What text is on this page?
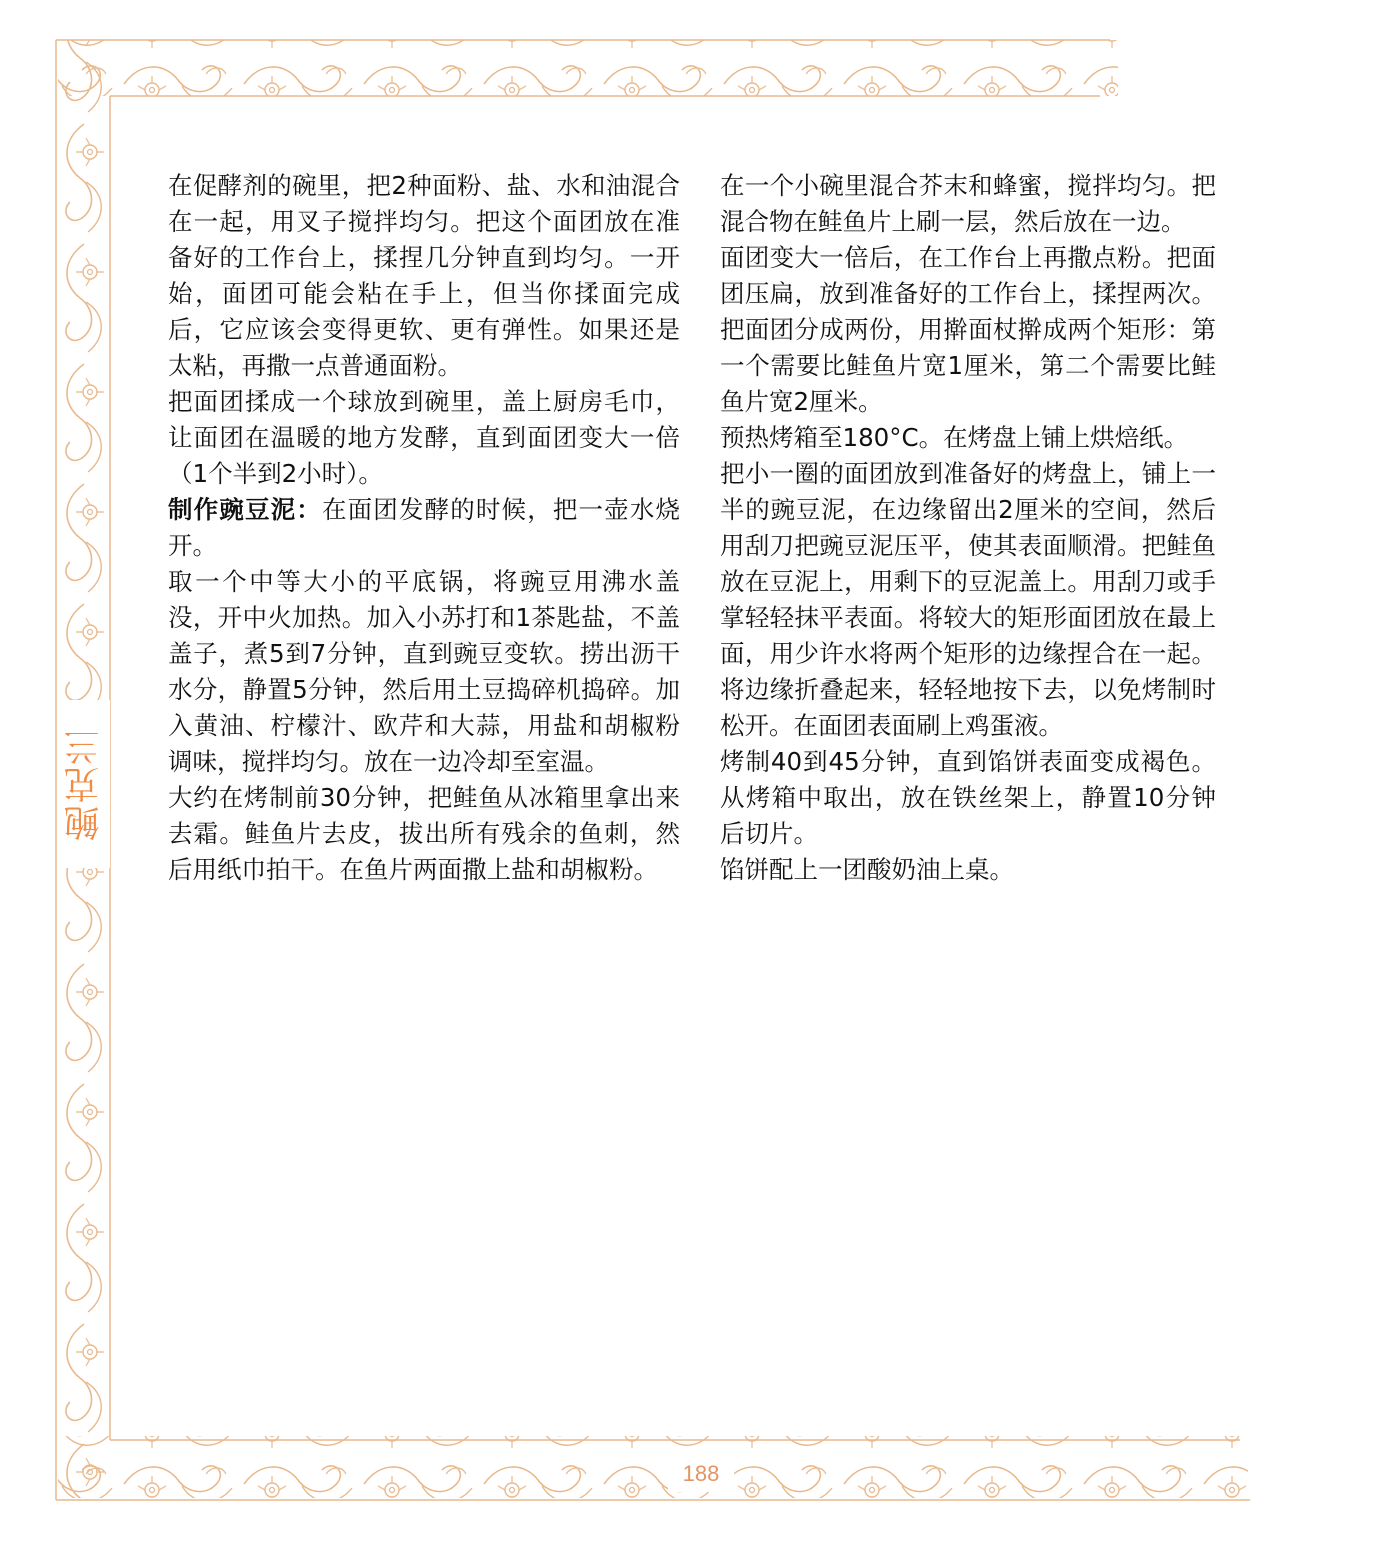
鲍克兰
188

在促酵剂的碗里，把2种面粉、盐、水和油混合在一起，用叉子搅拌均匀。把这个面团放在准备好的工作台上，揉捏几分钟直到均匀。一开始，面团可能会粘在手上，但当你揉面完成后，它应该会变得更软、更有弹性。如果还是太粘，再撒一点普通面粉。

把面团揉成一个球放到碗里，盖上厨房毛巾，让面团在温暖的地方发酵，直到面团变大一倍（1个半到2小时）。

制作豌豆泥：在面团发酵的时候，把一壶水烧开。

取一个中等大小的平底锅，将豌豆用沸水盖没，开中火加热。加入小苏打和1茶匙盐，不盖盖子，煮5到7分钟，直到豌豆变软。捞出沥干水分，静置5分钟，然后用土豆捣碎机捣碎。加入黄油、柠檬汁、欧芹和大蒜，用盐和胡椒粉调味，搅拌均匀。放在一边冷却至室温。

大约在烤制前30分钟，把鲑鱼从冰箱里拿出来去霜。鲑鱼片去皮，拔出所有残余的鱼刺，然后用纸巾拍干。在鱼片两面撒上盐和胡椒粉。

在一个小碗里混合芥末和蜂蜜，搅拌均匀。把混合物在鲑鱼片上刷一层，然后放在一边。

面团变大一倍后，在工作台上再撒点粉。把面团压扁，放到准备好的工作台上，揉捏两次。把面团分成两份，用擀面杖擀成两个矩形：第一个需要比鲑鱼片宽1厘米，第二个需要比鲑鱼片宽2厘米。

预热烤箱至180°C。在烤盘上铺上烘焙纸。

把小一圈的面团放到准备好的烤盘上，铺上一半的豌豆泥，在边缘留出2厘米的空间，然后用刮刀把豌豆泥压平，使其表面顺滑。把鲑鱼放在豆泥上，用剩下的豆泥盖上。用刮刀或手掌轻轻抹平表面。将较大的矩形面团放在最上面，用少许水将两个矩形的边缘捏合在一起。将边缘折叠起来，轻轻地按下去，以免烤制时松开。在面团表面刷上鸡蛋液。

烤制40到45分钟，直到馅饼表面变成褐色。从烤箱中取出，放在铁丝架上，静置10分钟后切片。

馅饼配上一团酸奶油上桌。
